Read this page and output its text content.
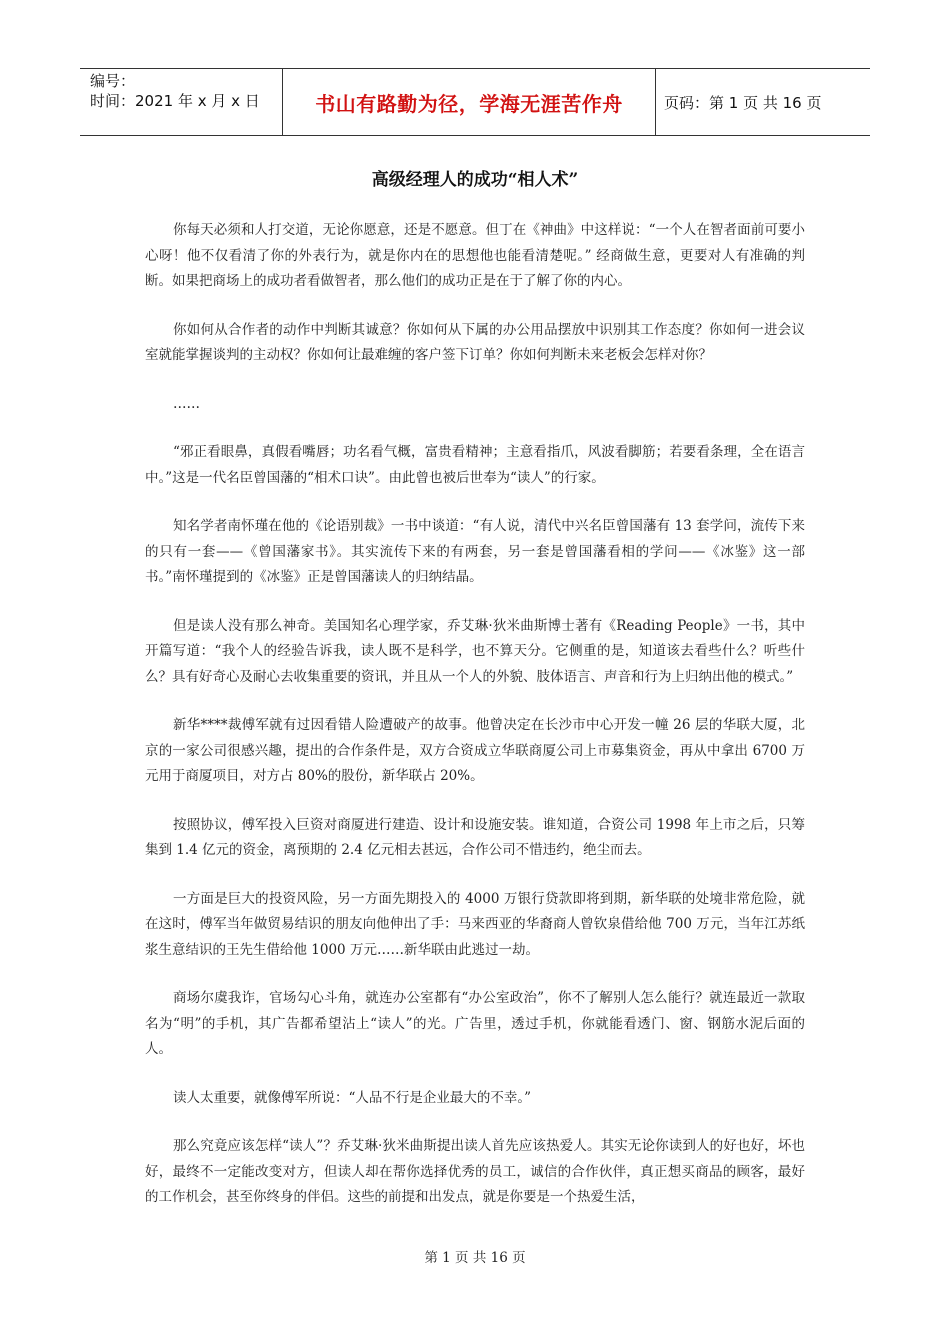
编号：
时间：2021 年 x 月 x 日	书山有路勤为径，学海无涯苦作舟	页码：第 1 页 共 16 页
高级经理人的成功“相人术”

你每天必须和人打交道，无论你愿意，还是不愿意。但丁在《神曲》中这样说：“一个人在智者面前可要小心呀！他不仅看清了你的外表行为，就是你内在的思想他也能看清楚呢。” 经商做生意，更要对人有准确的判断。如果把商场上的成功者看做智者，那么他们的成功正是在于了解了你的内心。

你如何从合作者的动作中判断其诚意？你如何从下属的办公用品摆放中识别其工作态度？你如何一进会议室就能掌握谈判的主动权？你如何让最难缠的客户签下订单？你如何判断未来老板会怎样对你？

……

“邪正看眼鼻，真假看嘴唇；功名看气概，富贵看精神；主意看指爪，风波看脚筋；若要看条理，全在语言中。”这是一代名臣曾国藩的“相术口诀”。由此曾也被后世奉为“读人”的行家。

知名学者南怀瑾在他的《论语别裁》一书中谈道：“有人说，清代中兴名臣曾国藩有 13 套学问，流传下来的只有一套——《曾国藩家书》。其实流传下来的有两套，另一套是曾国藩看相的学问——《冰鉴》这一部书。”南怀瑾提到的《冰鉴》正是曾国藩读人的归纳结晶。

但是读人没有那么神奇。美国知名心理学家，乔艾琳·狄米曲斯博士著有《Reading People》一书，其中开篇写道：“我个人的经验告诉我，读人既不是科学，也不算天分。它侧重的是，知道该去看些什么？听些什么？具有好奇心及耐心去收集重要的资讯，并且从一个人的外貌、肢体语言、声音和行为上归纳出他的模式。”

新华****裁傅军就有过因看错人险遭破产的故事。他曾决定在长沙市中心开发一幢 26 层的华联大厦，北京的一家公司很感兴趣，提出的合作条件是，双方合资成立华联商厦公司上市募集资金，再从中拿出 6700 万元用于商厦项目，对方占 80%的股份，新华联占 20%。

按照协议，傅军投入巨资对商厦进行建造、设计和设施安装。谁知道，合资公司 1998 年上市之后，只筹集到 1.4 亿元的资金，离预期的 2.4 亿元相去甚远，合作公司不惜违约，绝尘而去。

一方面是巨大的投资风险，另一方面先期投入的 4000 万银行贷款即将到期，新华联的处境非常危险，就在这时，傅军当年做贸易结识的朋友向他伸出了手：马来西亚的华裔商人曾钦泉借给他 700 万元，当年江苏纸浆生意结识的王先生借给他 1000 万元……新华联由此逃过一劫。

商场尔虞我诈，官场勾心斗角，就连办公室都有“办公室政治”，你不了解别人怎么能行？就连最近一款取名为“明”的手机，其广告都希望沾上“读人”的光。广告里，透过手机，你就能看透门、窗、钢筋水泥后面的人。

读人太重要，就像傅军所说：“人品不行是企业最大的不幸。”

那么究竟应该怎样“读人”？乔艾琳·狄米曲斯提出读人首先应该热爱人。其实无论你读到人的好也好，坏也好，最终不一定能改变对方，但读人却在帮你选择优秀的员工，诚信的合作伙伴，真正想买商品的顾客，最好的工作机会，甚至你终身的伴侣。这些的前提和出发点，就是你要是一个热爱生活，

第 1 页 共 16 页
